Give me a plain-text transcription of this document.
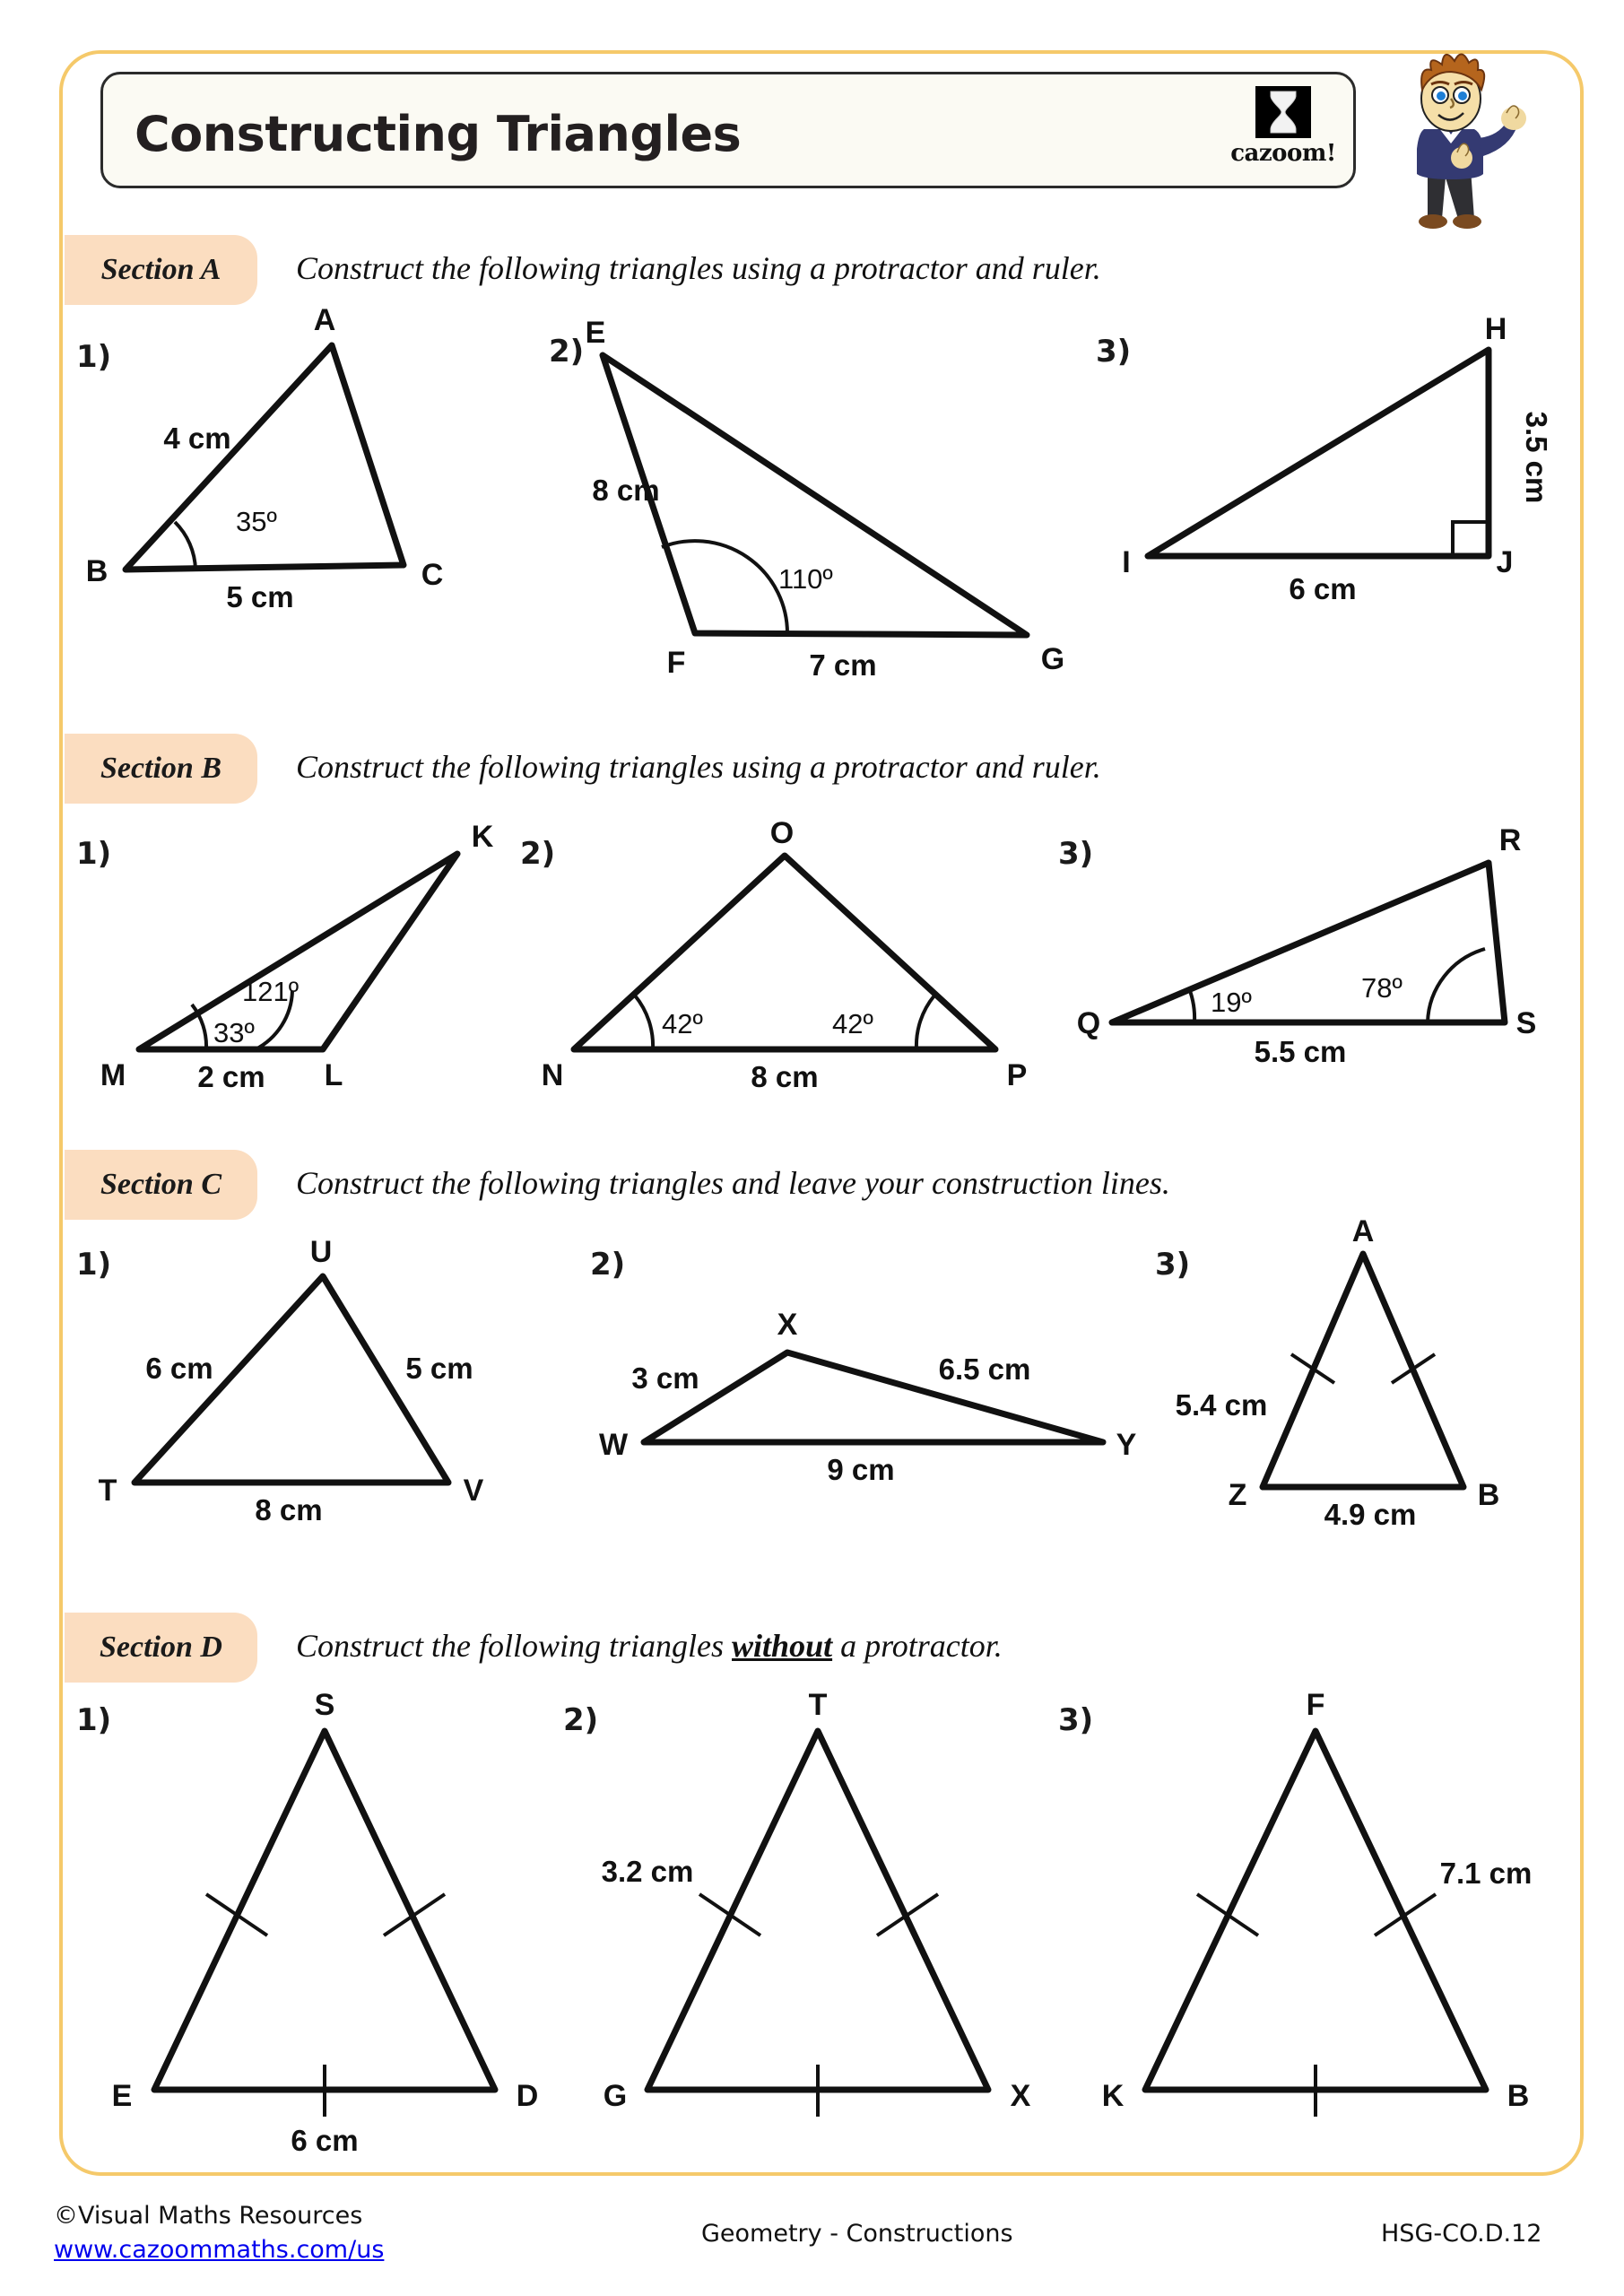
Constructing Triangles	cazoom!
Section A Construct the following triangles using a protractor and ruler.
1)
A
B	C
4 cm
5 cm
35º
2)
E
F	G
8 cm
7 cm
110º
3)
H
I	J
3.5 cm
6 cm
Section B Construct the following triangles using a protractor and ruler.
1)	K
L
M 2 cm
33º
121º
2)
O
N	P
8 cm
42º	42º
3)	R
Q	S
5.5 cm
19º	78º
Section C Construct the following triangles and leave your construction lines.
1)	U
T	V
6 cm	5 cm
8 cm
2)
X
W	Y
3 cm	6.5 cm
9 cm
3)
A
Z	B
5.4 cm
4.9 cm
Section D Construct the following triangles without a protractor.
1)	S
E	D
6 cm
2)	T
G	X
3.2 cm
3)	F
K	B
7.1 cm
©Visual Maths Resources
www.cazoommaths.com/us
Geometry - Constructions	HSG-CO.D.12
